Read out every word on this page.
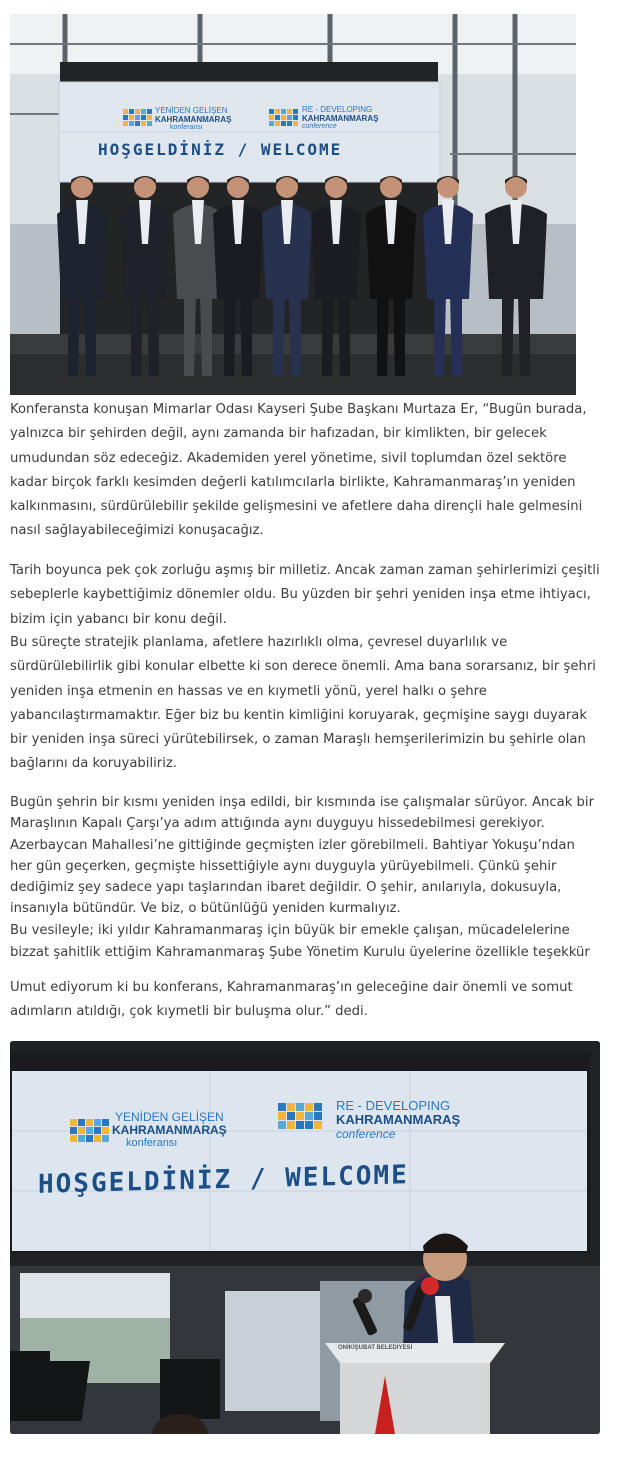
YENİDEN GELİŞEN
KAHRAMANMARAŞ
konferansı
RE - DEVELOPING
KAHRAMANMARAŞ
conference
HOŞGELDİNİZ / WELCOME

Konferansta konuşan Mimarlar Odası Kayseri Şube Başkanı Murtaza Er, “Bugün burada, yalnızca bir şehirden değil, aynı zamanda bir hafızadan, bir kimlikten, bir gelecek umudundan söz edeceğiz. Akademiden yerel yönetime, sivil toplumdan özel sektöre kadar birçok farklı kesimden değerli katılımcılarla birlikte, Kahramanmaraş’ın yeniden kalkınmasını, sürdürülebilir şekilde gelişmesini ve afetlere daha dirençli hale gelmesini nasıl sağlayabileceğimizi konuşacağız.

Tarih boyunca pek çok zorluğu aşmış bir milletiz. Ancak zaman zaman şehirlerimizi çeşitli sebeplerle kaybettiğimiz dönemler oldu. Bu yüzden bir şehri yeniden inşa etme ihtiyacı, bizim için yabancı bir konu değil.

Bu süreçte stratejik planlama, afetlere hazırlıklı olma, çevresel duyarlılık ve sürdürülebilirlik gibi konular elbette ki son derece önemli. Ama bana sorarsanız, bir şehri yeniden inşa etmenin en hassas ve en kıymetli yönü, yerel halkı o şehre yabancılaştırmamaktır. Eğer biz bu kentin kimliğini koruyarak, geçmişine saygı duyarak bir yeniden inşa süreci yürütebilirsek, o zaman Maraşlı hemşerilerimizin bu şehirle olan bağlarını da koruyabiliriz.

Bugün şehrin bir kısmı yeniden inşa edildi, bir kısmında ise çalışmalar sürüyor. Ancak bir Maraşlının Kapalı Çarşı’ya adım attığında aynı duyguyu hissedebilmesi gerekiyor. Azerbaycan Mahallesi’ne gittiğinde geçmişten izler görebilmeli. Bahtiyar Yokuşu’ndan her gün geçerken, geçmişte hissettiğiyle aynı duyguyla yürüyebilmeli. Çünkü şehir dediğimiz şey sadece yapı taşlarından ibaret değildir. O şehir, anılarıyla, dokusuyla, insanıyla bütündür. Ve biz, o bütünlüğü yeniden kurmalıyız.

Bu vesileyle; iki yıldır Kahramanmaraş için büyük bir emekle çalışan, mücadelelerine bizzat şahitlik ettiğim Kahramanmaraş Şube Yönetim Kurulu üyelerine özellikle teşekkür

Umut ediyorum ki bu konferans, Kahramanmaraş’ın geleceğine dair önemli ve somut adımların atıldığı, çok kıymetli bir buluşma olur.” dedi.

YENİDEN GELİŞEN
KAHRAMANMARAŞ
konferansı
RE - DEVELOPING
KAHRAMANMARAŞ
conference
HOŞGELDİNİZ / WELCOME
ONİKİŞUBAT BELEDİYESİ
